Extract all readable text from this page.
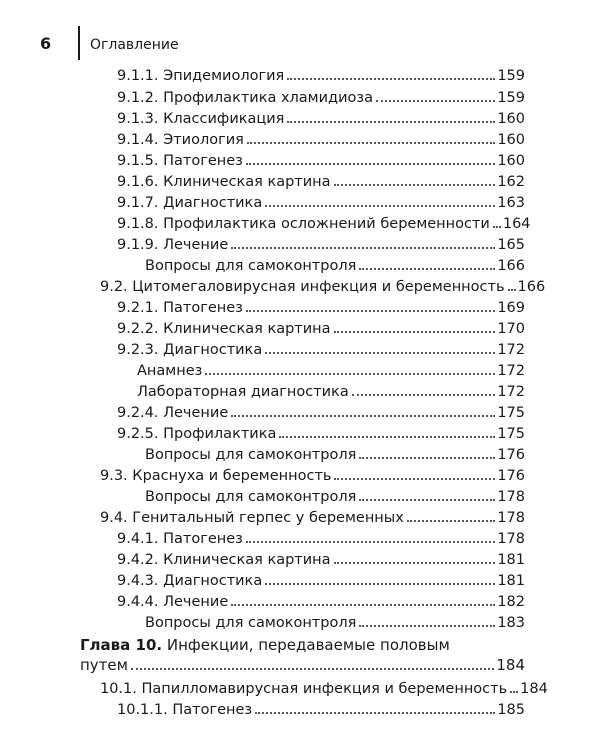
6	Оглавление
9.1.1. Эпидемиология	159
9.1.2. Профилактика хламидиоза	159
9.1.3. Классификация	160
9.1.4. Этиология	160
9.1.5. Патогенез	160
9.1.6. Клиническая картина	162
9.1.7. Диагностика	163
9.1.8. Профилактика осложнений беременности 164
9.1.9. Лечение	165
Вопросы для самоконтроля	166
9.2. Цитомегаловирусная инфекция и беременность 166
9.2.1. Патогенез	169
9.2.2. Клиническая картина	170
9.2.3. Диагностика	172
Анамнез	172
Лабораторная диагностика	172
9.2.4. Лечение	175
9.2.5. Профилактика	175
Вопросы для самоконтроля	176
9.3. Краснуха и беременность	176
Вопросы для самоконтроля	178
9.4. Генитальный герпес у беременных	178
9.4.1. Патогенез	178
9.4.2. Клиническая картина	181
9.4.3. Диагностика	181
9.4.4. Лечение	182
Вопросы для самоконтроля	183
Глава 10. Инфекции, передаваемые половым
путем	184
10.1. Папилломавирусная инфекция и беременность 184
10.1.1. Патогенез	185
